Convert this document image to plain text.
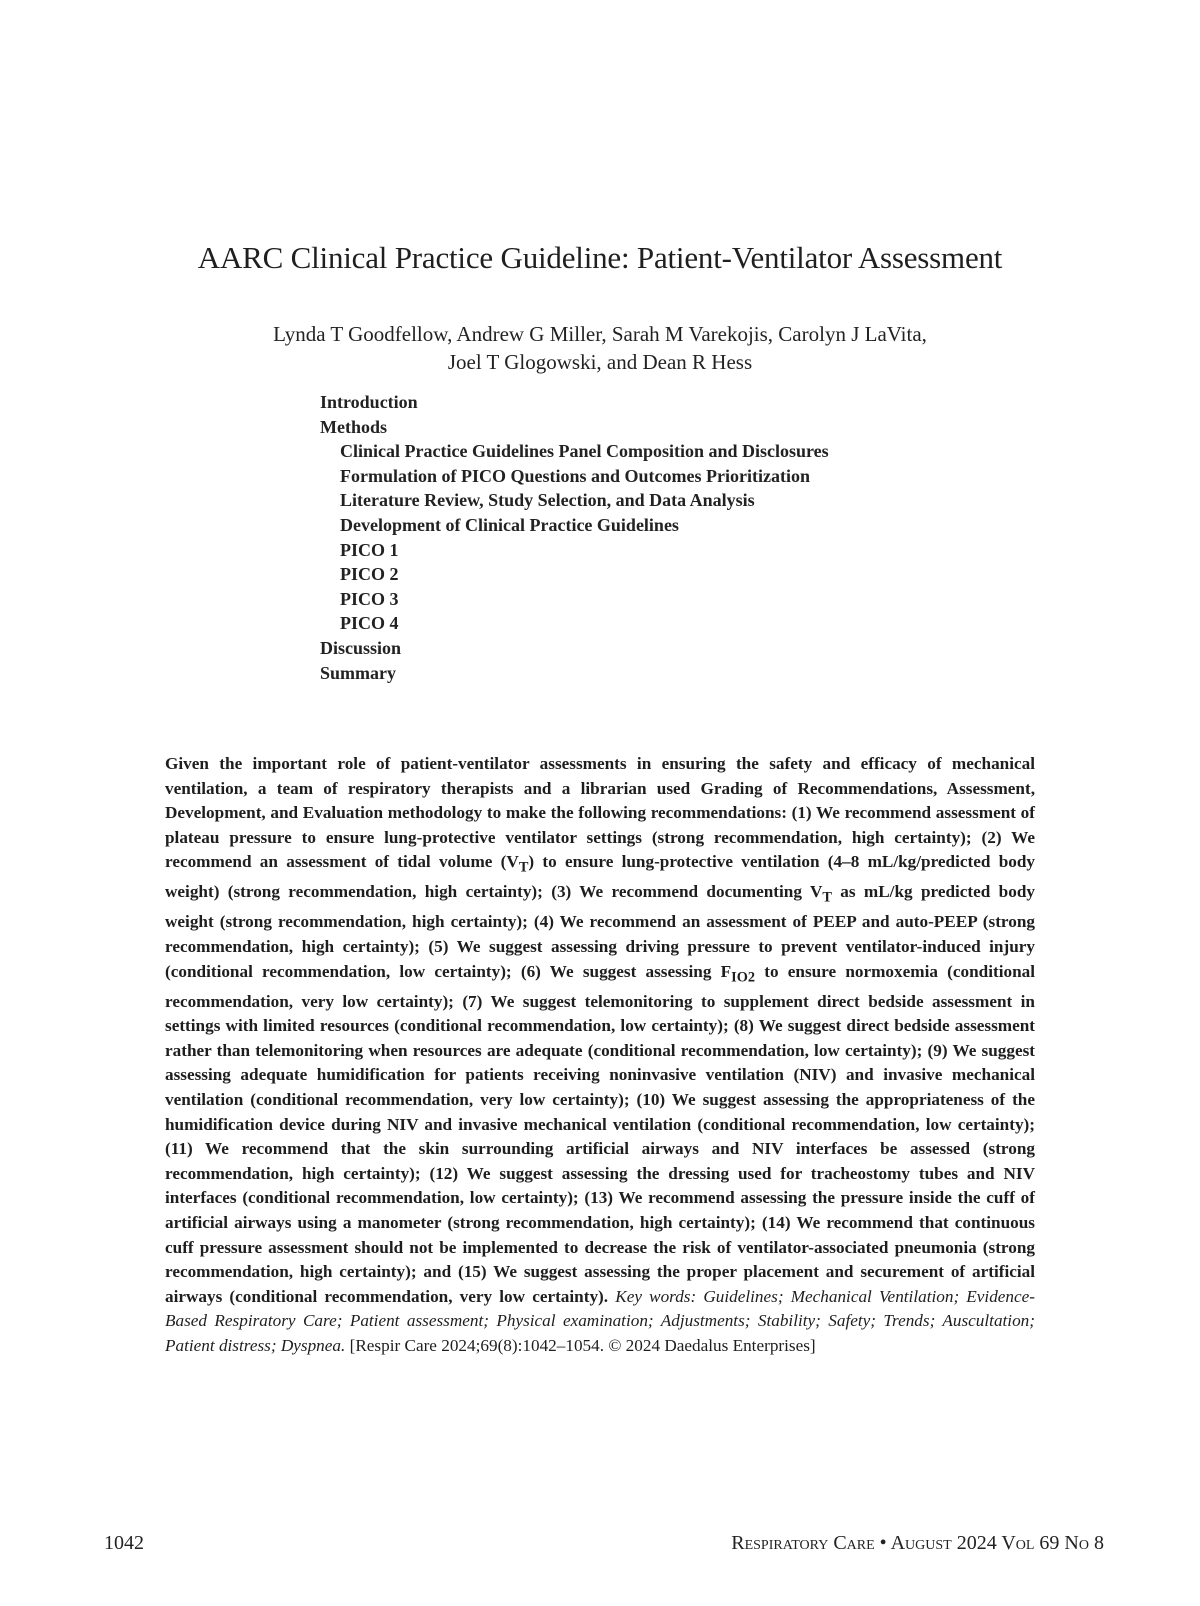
AARC Clinical Practice Guideline: Patient-Ventilator Assessment
Lynda T Goodfellow, Andrew G Miller, Sarah M Varekojis, Carolyn J LaVita,
Joel T Glogowski, and Dean R Hess
Introduction
Methods
Clinical Practice Guidelines Panel Composition and Disclosures
Formulation of PICO Questions and Outcomes Prioritization
Literature Review, Study Selection, and Data Analysis
Development of Clinical Practice Guidelines
PICO 1
PICO 2
PICO 3
PICO 4
Discussion
Summary
Given the important role of patient-ventilator assessments in ensuring the safety and efficacy of mechanical ventilation, a team of respiratory therapists and a librarian used Grading of Recommendations, Assessment, Development, and Evaluation methodology to make the following recommendations: (1) We recommend assessment of plateau pressure to ensure lung-protective ventilator settings (strong recommendation, high certainty); (2) We recommend an assessment of tidal volume $(V_T)$ to ensure lung-protective ventilation (4–8 mL/kg/predicted body weight) (strong recommendation, high certainty); (3) We recommend documenting $V_T$ as mL/kg predicted body weight (strong recommendation, high certainty); (4) We recommend an assessment of PEEP and auto-PEEP (strong recommendation, high certainty); (5) We suggest assessing driving pressure to prevent ventilator-induced injury (conditional recommendation, low certainty); (6) We suggest assessing $F_{IO2}$ to ensure normoxemia (conditional recommendation, very low certainty); (7) We suggest telemonitoring to supplement direct bedside assessment in settings with limited resources (conditional recommendation, low certainty); (8) We suggest direct bedside assessment rather than telemonitoring when resources are adequate (conditional recommendation, low certainty); (9) We suggest assessing adequate humidification for patients receiving noninvasive ventilation (NIV) and invasive mechanical ventilation (conditional recommendation, very low certainty); (10) We suggest assessing the appropriateness of the humidification device during NIV and invasive mechanical ventilation (conditional recommendation, low certainty); (11) We recommend that the skin surrounding artificial airways and NIV interfaces be assessed (strong recommendation, high certainty); (12) We suggest assessing the dressing used for tracheostomy tubes and NIV interfaces (conditional recommendation, low certainty); (13) We recommend assessing the pressure inside the cuff of artificial airways using a manometer (strong recommendation, high certainty); (14) We recommend that continuous cuff pressure assessment should not be implemented to decrease the risk of ventilator-associated pneumonia (strong recommendation, high certainty); and (15) We suggest assessing the proper placement and securement of artificial airways (conditional recommendation, very low certainty). Key words: Guidelines; Mechanical Ventilation; Evidence-Based Respiratory Care; Patient assessment; Physical examination; Adjustments; Stability; Safety; Trends; Auscultation; Patient distress; Dyspnea. [Respir Care 2024;69(8):1042–1054. © 2024 Daedalus Enterprises]
1042	Respiratory Care • August 2024 Vol 69 No 8
